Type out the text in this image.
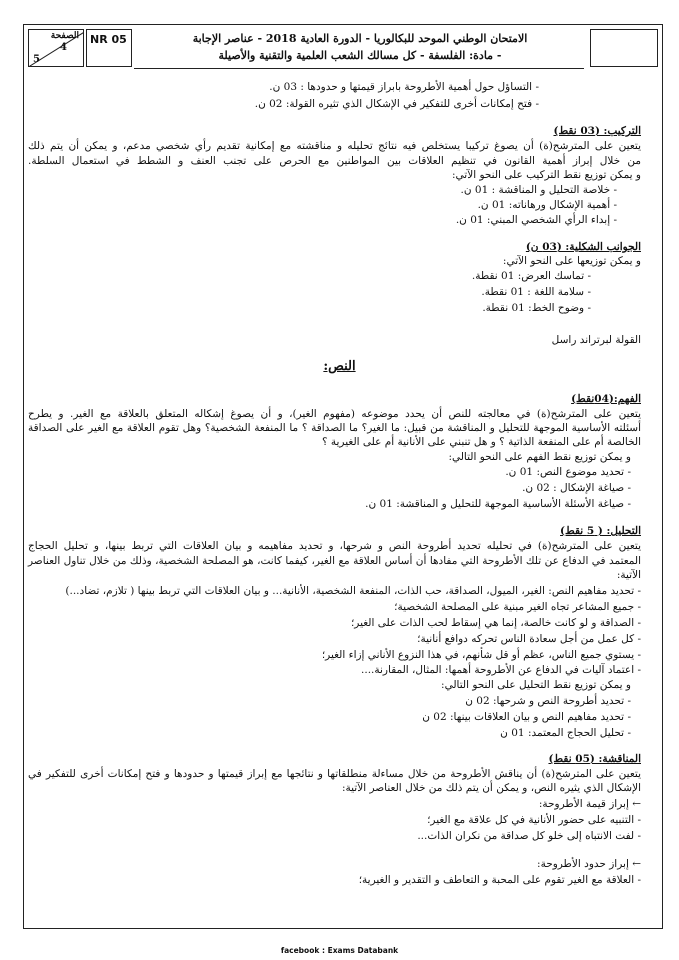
الصفحة
4
5
NR 05	الامتحان الوطني الموحد للبكالوريا - الدورة العادية 2018 - عناصر الإجابة
- مادة: الفلسفة - كل مسالك الشعب العلمية والتقنية والأصيلة
- التساؤل حول أهمية الأطروحة بابراز قيمتها و حدودها : 03 ن.
- فتح إمكانات أخرى للتفكير في الإشكال الذي تثيره القولة: 02 ن.
التركيب: (03 نقط)
يتعين على المترشح(ة) أن يصوغ تركيبا يستخلص فيه نتائج تحليله و مناقشته مع إمكانية تقديم رأي شخصي مدعم، و يمكن أن يتم ذلك
من خلال إبراز أهمية القانون في تنظيم العلاقات بين المواطنين مع الحرص على تجنب العنف و الشطط في استعمال السلطة.
و يمكن توزيع نقط التركيب على النحو الآتي:
- خلاصة التحليل و المناقشة : 01 ن.
- أهمية الإشكال ورهاناته: 01 ن.
- إبداء الرأي الشخصي المبني: 01 ن.
الجوانب الشكلية: (03 ن)
و يمكن توزيعها على النحو الآتي:
- تماسك العرض: 01 نقطة.
- سلامة اللغة : 01 نقطة.
- وضوح الخط: 01 نقطة.
القولة لبرتراند راسل
النص:
الفهم:(04نقط)
يتعين على المترشح(ة) في معالجته للنص أن يحدد موضوعه (مفهوم الغير)، و أن يصوغ إشكاله المتعلق بالعلاقة مع الغير. و يطرح
أسئلته الأساسية الموجهة للتحليل و المناقشة من قبيل: ما الغير؟ ما الصداقة ؟ ما المنفعة الشخصية؟ وهل تقوم العلاقة مع الغير على الصداقة
الخالصة أم على المنفعة الذاتية ؟ و هل تنبني على الأنانية أم على الغيرية ؟
و يمكن توزيع نقط الفهم على النحو التالي:
- تحديد موضوع النص: 01 ن.
- صياغة الإشكال : 02 ن.
- صياغة الأسئلة الأساسية الموجهة للتحليل و المناقشة: 01 ن.
التحليل: ( 5 نقط)
يتعين على المترشح(ة) في تحليله تحديد أطروحة النص و شرحها، و تحديد مفاهيمه و بيان العلاقات التي تربط بينها، و تحليل الحجاج
المعتمد في الدفاع عن تلك الأطروحة التي مفادها أن أساس العلاقة مع الغير، كيفما كانت، هو المصلحة الشخصية، وذلك من خلال تناول العناصر
الآتية:
- تحديد مفاهيم النص: الغير، الميول، الصداقة، حب الذات، المنفعة الشخصية، الأنانية... و بيان العلاقات التي تربط بينها ( تلازم، تضاد...)
- جميع المشاعر تجاه الغير مبنية على المصلحة الشخصية؛
- الصداقة و لو كانت خالصة، إنما هي إسقاط لحب الذات على الغير؛
- كل عمل من أجل سعادة الناس تحركه دوافع أنانية؛
- يستوي جميع الناس، عظم أو قل شأنهم، في هذا النزوع الأناني إزاء الغير؛
- اعتماد آليات في الدفاع عن الأطروحة أهمها: المثال، المقارنة....
و يمكن توزيع نقط التحليل على النحو التالي:
- تحديد أطروحة النص و شرحها: 02 ن
- تحديد مفاهيم النص و بيان العلاقات بينها: 02 ن
- تحليل الحجاج المعتمد: 01 ن
المناقشة: (05 نقط)
يتعين على المترشح(ة) أن يناقش الأطروحة من خلال مساءلة منطلقاتها و نتائجها مع إبراز قيمتها و حدودها و فتح إمكانات أخرى للتفكير في
الإشكال الذي يثيره النص، و يمكن أن يتم ذلك من خلال العناصر الآتية:
← إبراز قيمة الأطروحة:
- التنبيه على حضور الأنانية في كل علاقة مع الغير؛
- لفت الانتباه إلى خلو كل صداقة من نكران الذات...
← إبراز حدود الأطروحة:
- العلاقة مع الغير تقوم على المحبة و التعاطف و التقدير و الغيرية؛
facebook : Exams Databank
